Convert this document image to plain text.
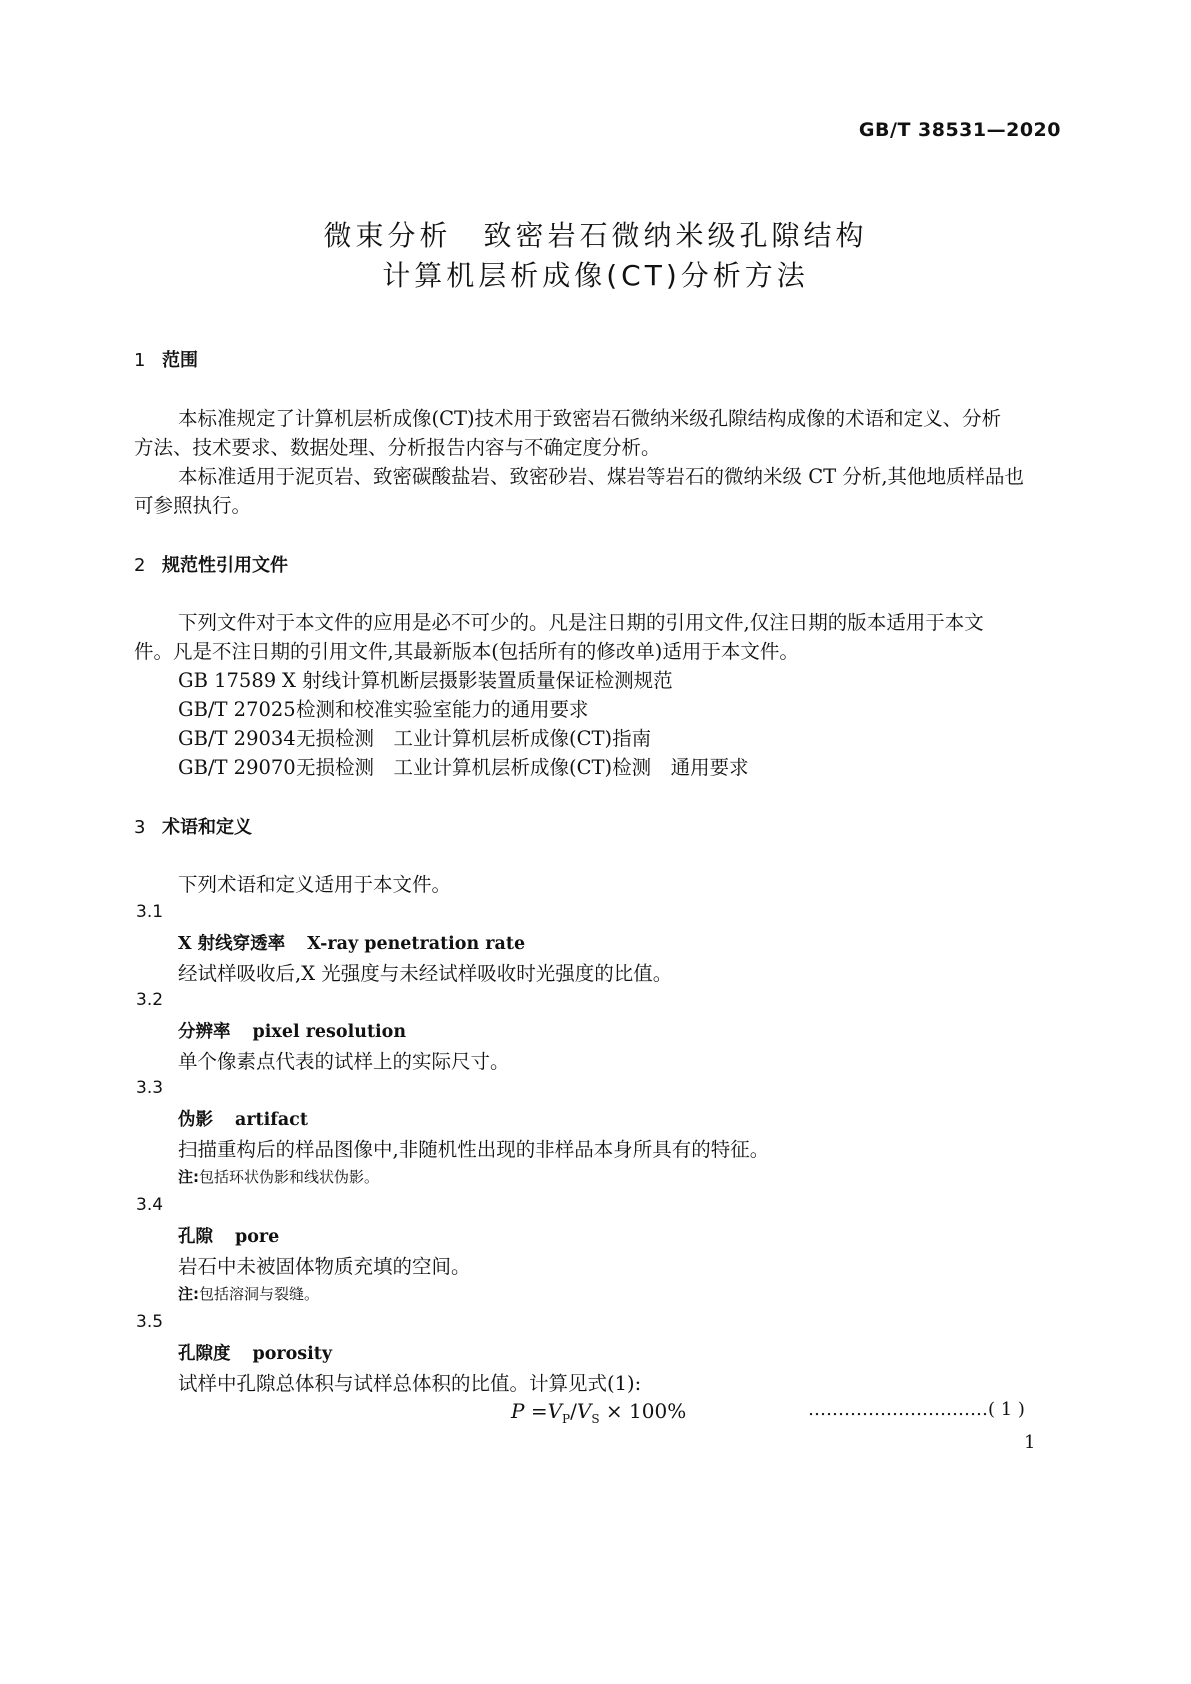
GB/T 38531—2020
微束分析　致密岩石微纳米级孔隙结构
计算机层析成像(CT)分析方法
1 范围
本标准规定了计算机层析成像(CT)技术用于致密岩石微纳米级孔隙结构成像的术语和定义、分析
方法、技术要求、数据处理、分析报告内容与不确定度分析。
本标准适用于泥页岩、致密碳酸盐岩、致密砂岩、煤岩等岩石的微纳米级 CT 分析,其他地质样品也
可参照执行。
2 规范性引用文件
下列文件对于本文件的应用是必不可少的。凡是注日期的引用文件,仅注日期的版本适用于本文
件。凡是不注日期的引用文件,其最新版本(包括所有的修改单)适用于本文件。
GB 17589 X 射线计算机断层摄影装置质量保证检测规范
GB/T 27025检测和校准实验室能力的通用要求
GB/T 29034无损检测　工业计算机层析成像(CT)指南
GB/T 29070无损检测　工业计算机层析成像(CT)检测　通用要求
3 术语和定义
下列术语和定义适用于本文件。
3.1
X 射线穿透率 X-ray penetration rate
经试样吸收后,X 光强度与未经试样吸收时光强度的比值。
3.2
分辨率 pixel resolution
单个像素点代表的试样上的实际尺寸。
3.3
伪影 artifact
扫描重构后的样品图像中,非随机性出现的非样品本身所具有的特征。
注:包括环状伪影和线状伪影。
3.4
孔隙 pore
岩石中未被固体物质充填的空间。
注:包括溶洞与裂缝。
3.5
孔隙度 porosity
试样中孔隙总体积与试样总体积的比值。计算见式(1):
$P =V_P/V_S \times 100\%$	…………………………( 1 )
1
